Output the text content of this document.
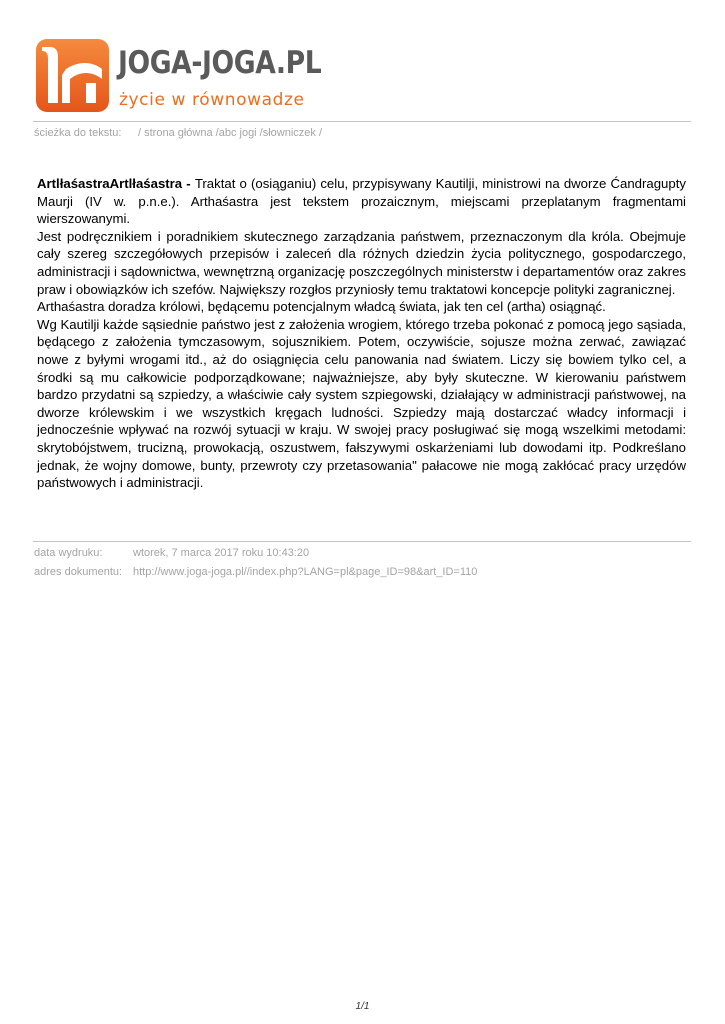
JOGA-JOGA.PL
życie w równowadze
ścieżka do tekstu: / strona główna /abc jogi /słowniczek /

ArtlłaśastraArtlłaśastra - Traktat o (osiąganiu) celu, przypisywany Kautilji, ministrowi na dworze Ćandragupty Maurji (IV w. p.n.e.). Arthaśastra jest tekstem prozaicznym, miejscami przeplatanym fragmentami wierszowanymi.

Jest podręcznikiem i poradnikiem skutecznego zarządzania państwem, przeznaczonym dla króla. Obejmuje cały szereg szczegółowych przepisów i zaleceń dla różnych dziedzin życia politycznego, gospodarczego, administracji i sądownictwa, wewnętrzną organizację poszczególnych ministerstw i departamentów oraz zakres praw i obowiązków ich szefów. Największy rozgłos przyniosły temu traktatowi koncepcje polityki zagranicznej.

Arthaśastra doradza królowi, będącemu potencjalnym władcą świata, jak ten cel (artha) osiągnąć.

Wg Kautilji każde sąsiednie państwo jest z założenia wrogiem, którego trzeba pokonać z pomocą jego sąsiada, będącego z założenia tymczasowym, sojusznikiem. Potem, oczywiście, sojusze można zerwać, zawiązać nowe z byłymi wrogami itd., aż do osiągnięcia celu panowania nad światem. Liczy się bowiem tylko cel, a środki są mu całkowicie podporządkowane; najważniejsze, aby były skuteczne. W kierowaniu państwem bardzo przydatni są szpiedzy, a właściwie cały system szpiegowski, działający w administracji państwowej, na dworze królewskim i we wszystkich kręgach ludności. Szpiedzy mają dostarczać władcy informacji i jednocześnie wpływać na rozwój sytuacji w kraju. W swojej pracy posługiwać się mogą wszelkimi metodami: skrytobójstwem, trucizną, prowokacją, oszustwem, fałszywymi oskarżeniami lub dowodami itp. Podkreślano jednak, że wojny domowe, bunty, przewroty czy przetasowania" pałacowe nie mogą zakłócać pracy urzędów państwowych i administracji.

data wydruku:	wtorek, 7 marca 2017 roku 10:43:20
adres dokumentu: http://www.joga-joga.pl//index.php?LANG=pl&page_ID=98&art_ID=110
1/1
